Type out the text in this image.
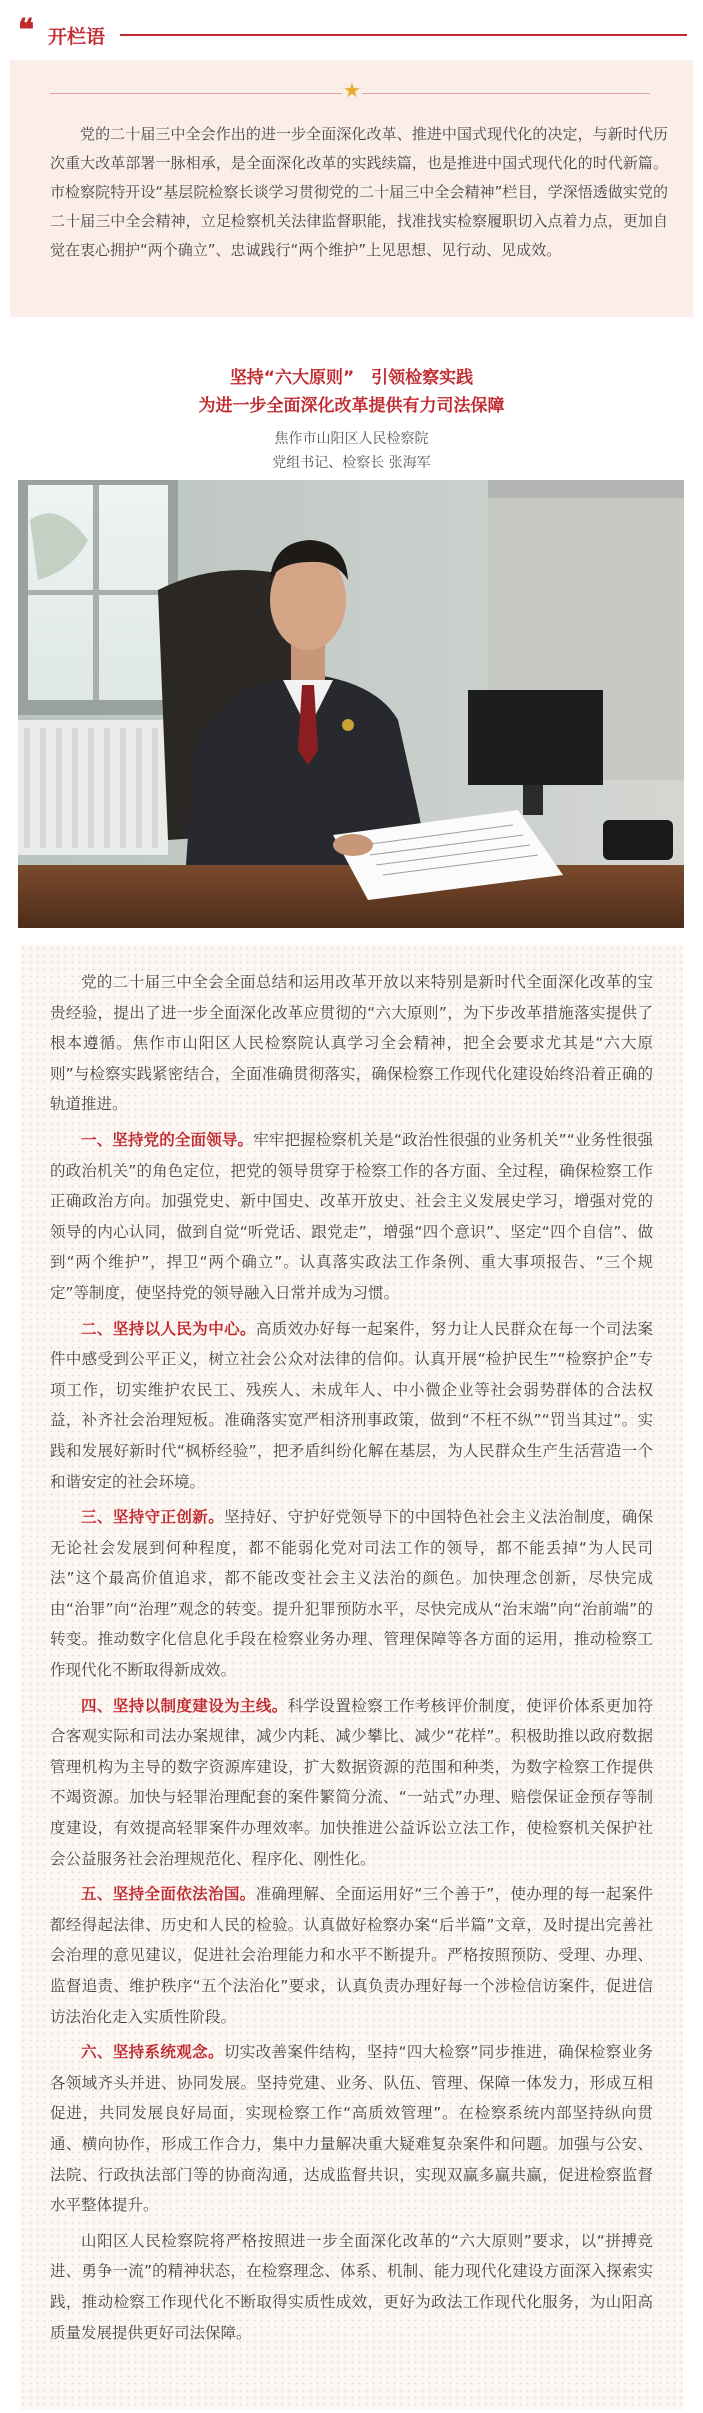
❝ 开栏语
★
党的二十届三中全会作出的进一步全面深化改革、推进中国式现代化的决定，与新时代历次重大改革部署一脉相承，是全面深化改革的实践续篇，也是推进中国式现代化的时代新篇。市检察院特开设“基层院检察长谈学习贯彻党的二十届三中全会精神”栏目，学深悟透做实党的二十届三中全会精神，立足检察机关法律监督职能，找准找实检察履职切入点着力点，更加自觉在衷心拥护“两个确立”、忠诚践行“两个维护”上见思想、见行动、见成效。
坚持“六大原则”　引领检察实践
为进一步全面深化改革提供有力司法保障
焦作市山阳区人民检察院
党组书记、检察长 张海军

党的二十届三中全会全面总结和运用改革开放以来特别是新时代全面深化改革的宝贵经验，提出了进一步全面深化改革应贯彻的“六大原则”，为下步改革措施落实提供了根本遵循。焦作市山阳区人民检察院认真学习全会精神，把全会要求尤其是“六大原则”与检察实践紧密结合，全面准确贯彻落实，确保检察工作现代化建设始终沿着正确的轨道推进。

一、坚持党的全面领导。牢牢把握检察机关是“政治性很强的业务机关”“业务性很强的政治机关”的角色定位，把党的领导贯穿于检察工作的各方面、全过程，确保检察工作正确政治方向。加强党史、新中国史、改革开放史、社会主义发展史学习，增强对党的领导的内心认同，做到自觉“听党话、跟党走”，增强“四个意识”、坚定“四个自信”、做到“两个维护”，捍卫“两个确立”。认真落实政法工作条例、重大事项报告、“三个规定”等制度，使坚持党的领导融入日常并成为习惯。

二、坚持以人民为中心。高质效办好每一起案件，努力让人民群众在每一个司法案件中感受到公平正义，树立社会公众对法律的信仰。认真开展“检护民生”“检察护企”专项工作，切实维护农民工、残疾人、未成年人、中小微企业等社会弱势群体的合法权益，补齐社会治理短板。准确落实宽严相济刑事政策，做到“不枉不纵”“罚当其过”。实践和发展好新时代“枫桥经验”，把矛盾纠纷化解在基层，为人民群众生产生活营造一个和谐安定的社会环境。

三、坚持守正创新。坚持好、守护好党领导下的中国特色社会主义法治制度，确保无论社会发展到何种程度，都不能弱化党对司法工作的领导，都不能丢掉“为人民司法”这个最高价值追求，都不能改变社会主义法治的颜色。加快理念创新，尽快完成由“治罪”向“治理”观念的转变。提升犯罪预防水平，尽快完成从“治末端”向“治前端”的转变。推动数字化信息化手段在检察业务办理、管理保障等各方面的运用，推动检察工作现代化不断取得新成效。

四、坚持以制度建设为主线。科学设置检察工作考核评价制度，使评价体系更加符合客观实际和司法办案规律，减少内耗、减少攀比、减少“花样”。积极助推以政府数据管理机构为主导的数字资源库建设，扩大数据资源的范围和种类，为数字检察工作提供不竭资源。加快与轻罪治理配套的案件繁简分流、“一站式”办理、赔偿保证金预存等制度建设，有效提高轻罪案件办理效率。加快推进公益诉讼立法工作，使检察机关保护社会公益服务社会治理规范化、程序化、刚性化。

五、坚持全面依法治国。准确理解、全面运用好“三个善于”，使办理的每一起案件都经得起法律、历史和人民的检验。认真做好检察办案“后半篇”文章，及时提出完善社会治理的意见建议，促进社会治理能力和水平不断提升。严格按照预防、受理、办理、监督追责、维护秩序“五个法治化”要求，认真负责办理好每一个涉检信访案件，促进信访法治化走入实质性阶段。

六、坚持系统观念。切实改善案件结构，坚持“四大检察”同步推进，确保检察业务各领域齐头并进、协同发展。坚持党建、业务、队伍、管理、保障一体发力，形成互相促进，共同发展良好局面，实现检察工作“高质效管理”。在检察系统内部坚持纵向贯通、横向协作，形成工作合力，集中力量解决重大疑难复杂案件和问题。加强与公安、法院、行政执法部门等的协商沟通，达成监督共识，实现双赢多赢共赢，促进检察监督水平整体提升。

山阳区人民检察院将严格按照进一步全面深化改革的“六大原则”要求，以“拼搏竞进、勇争一流”的精神状态，在检察理念、体系、机制、能力现代化建设方面深入探索实践，推动检察工作现代化不断取得实质性成效，更好为政法工作现代化服务，为山阳高质量发展提供更好司法保障。
